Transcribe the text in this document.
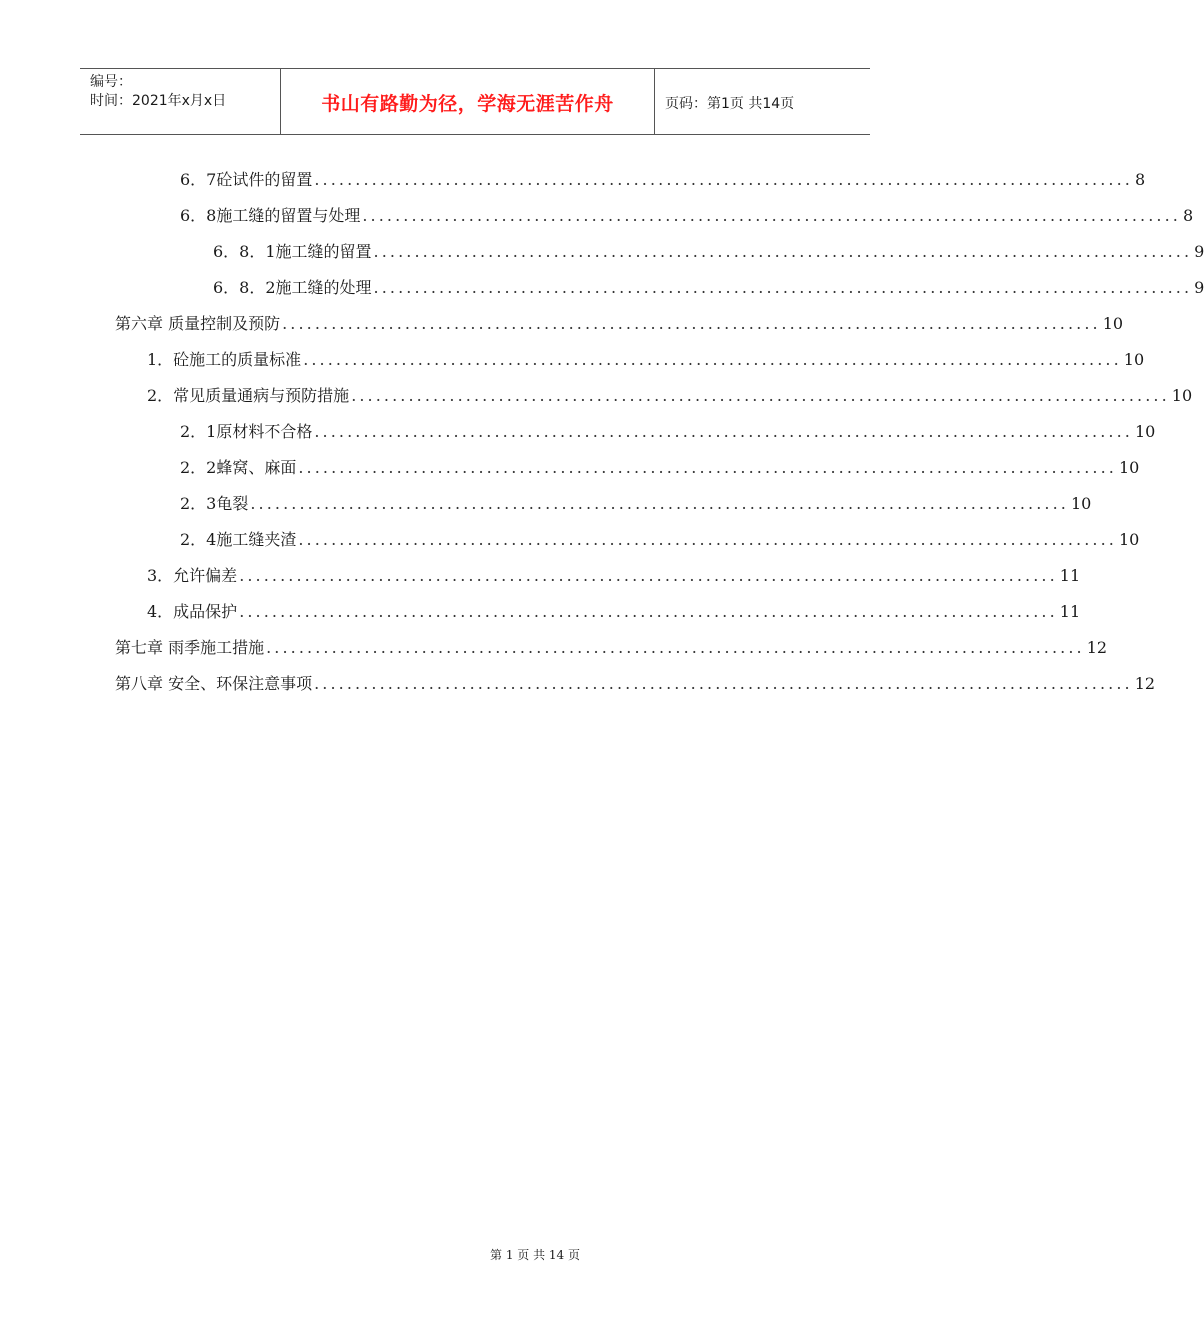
编号：
时间：2021年x月x日	书山有路勤为径，学海无涯苦作舟	页码：第1页 共14页
6．7砼试件的留置 .................................................................................................... 8
6．8施工缝的留置与处理 .................................................................................................... 8
6．8．1施工缝的留置 .................................................................................................... 9
6．8．2施工缝的处理 .................................................................................................... 9
第六章 质量控制及预防 .................................................................................................... 10
1．砼施工的质量标准 .................................................................................................... 10
2．常见质量通病与预防措施 .................................................................................................... 10
2．1原材料不合格 .................................................................................................... 10
2．2蜂窝、麻面 .................................................................................................... 10
2．3龟裂 .................................................................................................... 10
2．4施工缝夹渣 .................................................................................................... 10
3．允许偏差 .................................................................................................... 11
4．成品保护 .................................................................................................... 11
第七章 雨季施工措施 .................................................................................................... 12
第八章 安全、环保注意事项 .................................................................................................... 12
第 1 页 共 14 页
